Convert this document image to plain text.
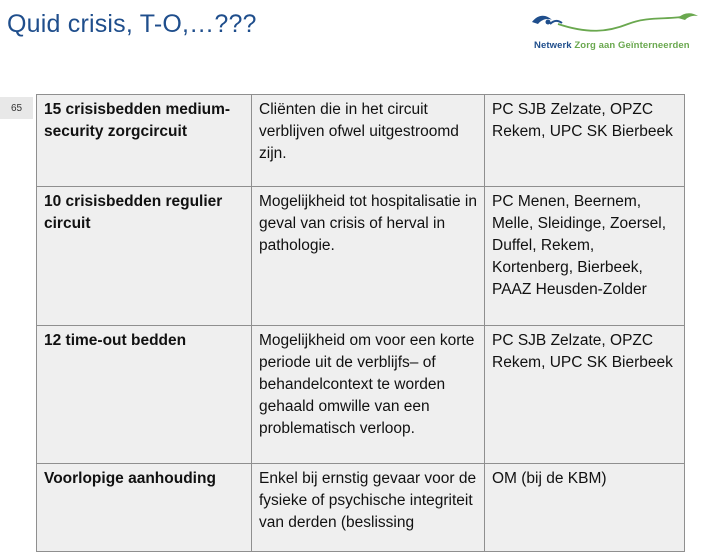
Quid crisis, T-O,…???
Netwerk Zorg aan Geïnterneerden
65	15 crisisbedden medium-security zorgcircuit	Cliënten die in het circuit verblijven ofwel uitgestroomd zijn.	PC SJB Zelzate, OPZC Rekem, UPC SK Bierbeek
10 crisisbedden regulier circuit	Mogelijkheid tot hospitalisatie in geval van crisis of herval in pathologie.	PC Menen, Beernem, Melle, Sleidinge, Zoersel, Duffel, Rekem, Kortenberg, Bierbeek, PAAZ Heusden-Zolder
12 time-out bedden	Mogelijkheid om voor een korte periode uit de verblijfs– of behandelcontext te worden gehaald omwille van een problematisch verloop.	PC SJB Zelzate, OPZC Rekem, UPC SK Bierbeek
Voorlopige aanhouding	Enkel bij ernstig gevaar voor de fysieke of psychische integriteit van derden (beslissing	OM (bij de KBM)
